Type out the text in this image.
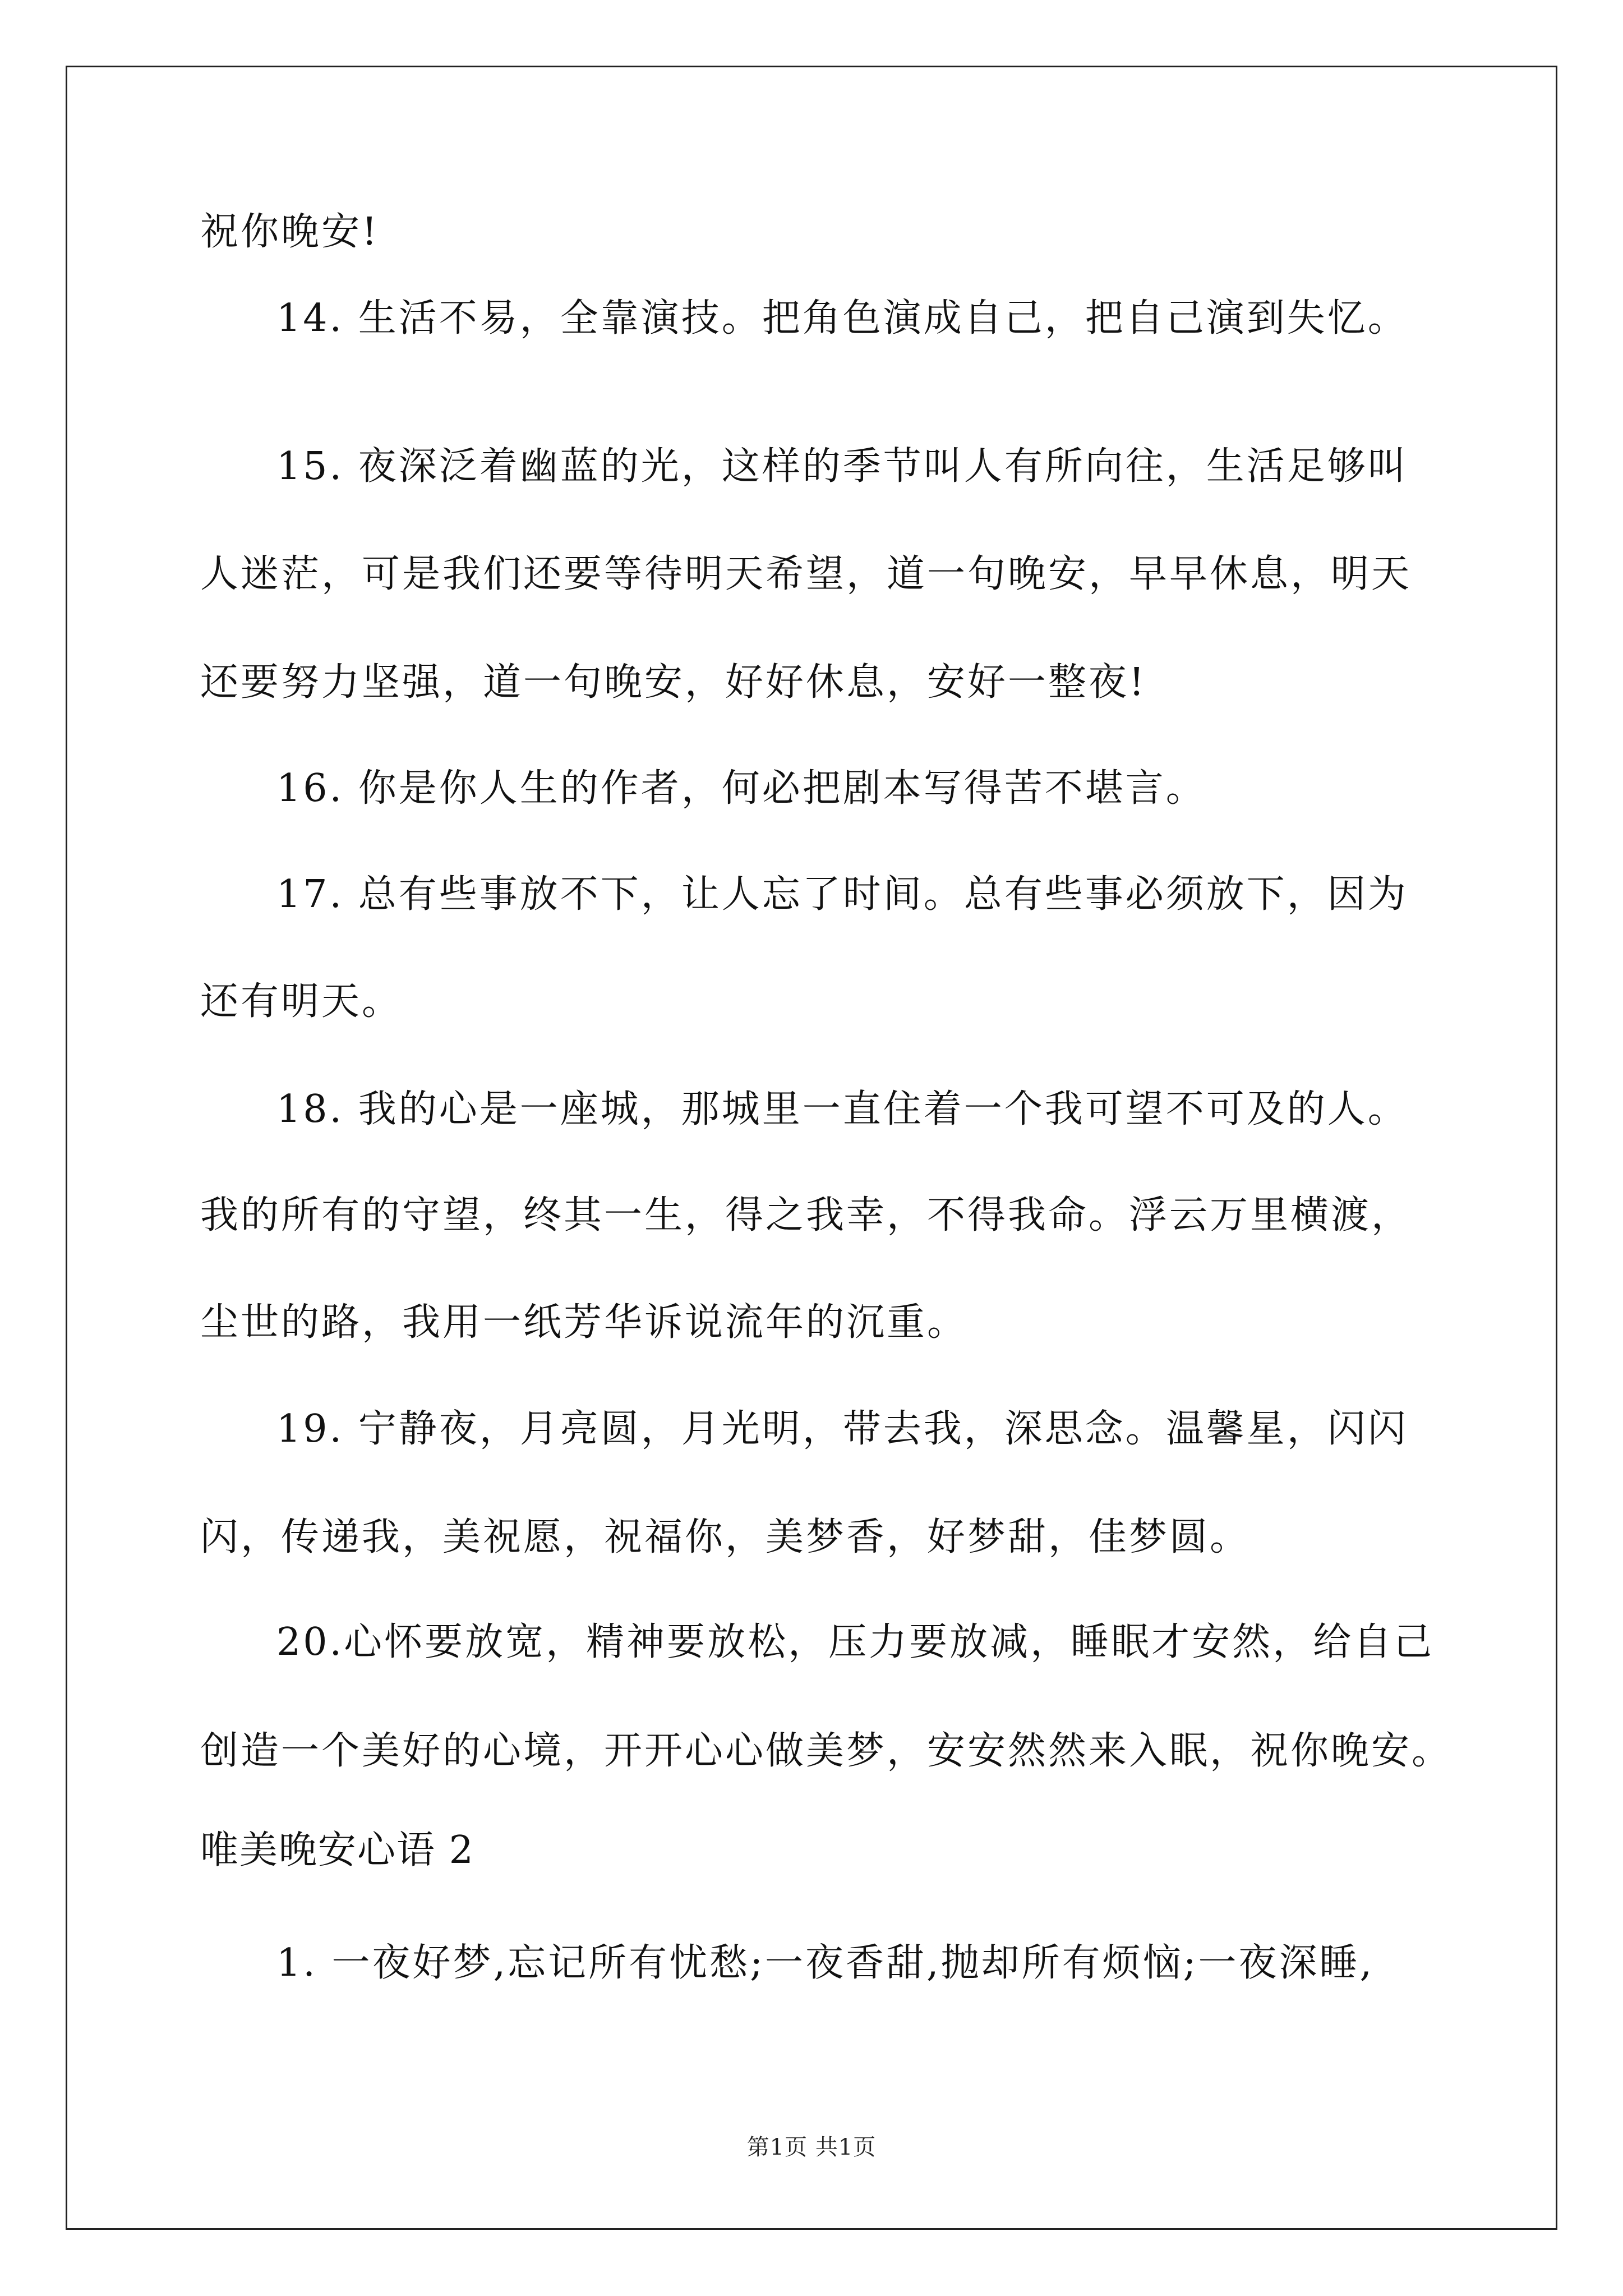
祝你晚安!
14. 生活不易，全靠演技。把角色演成自己，把自己演到失忆。
15. 夜深泛着幽蓝的光，这样的季节叫人有所向往，生活足够叫
人迷茫，可是我们还要等待明天希望，道一句晚安，早早休息，明天
还要努力坚强，道一句晚安，好好休息，安好一整夜!
16. 你是你人生的作者，何必把剧本写得苦不堪言。
17. 总有些事放不下，让人忘了时间。总有些事必须放下，因为
还有明天。
18. 我的心是一座城，那城里一直住着一个我可望不可及的人。
我的所有的守望，终其一生，得之我幸，不得我命。浮云万里横渡，
尘世的路，我用一纸芳华诉说流年的沉重。
19. 宁静夜，月亮圆，月光明，带去我，深思念。温馨星，闪闪
闪，传递我，美祝愿，祝福你，美梦香，好梦甜，佳梦圆。
20.心怀要放宽，精神要放松，压力要放减，睡眠才安然，给自己
创造一个美好的心境，开开心心做美梦，安安然然来入眠，祝你晚安。
唯美晚安心语 2
1. 一夜好梦,忘记所有忧愁;一夜香甜,抛却所有烦恼;一夜深睡,
第1页 共1页
